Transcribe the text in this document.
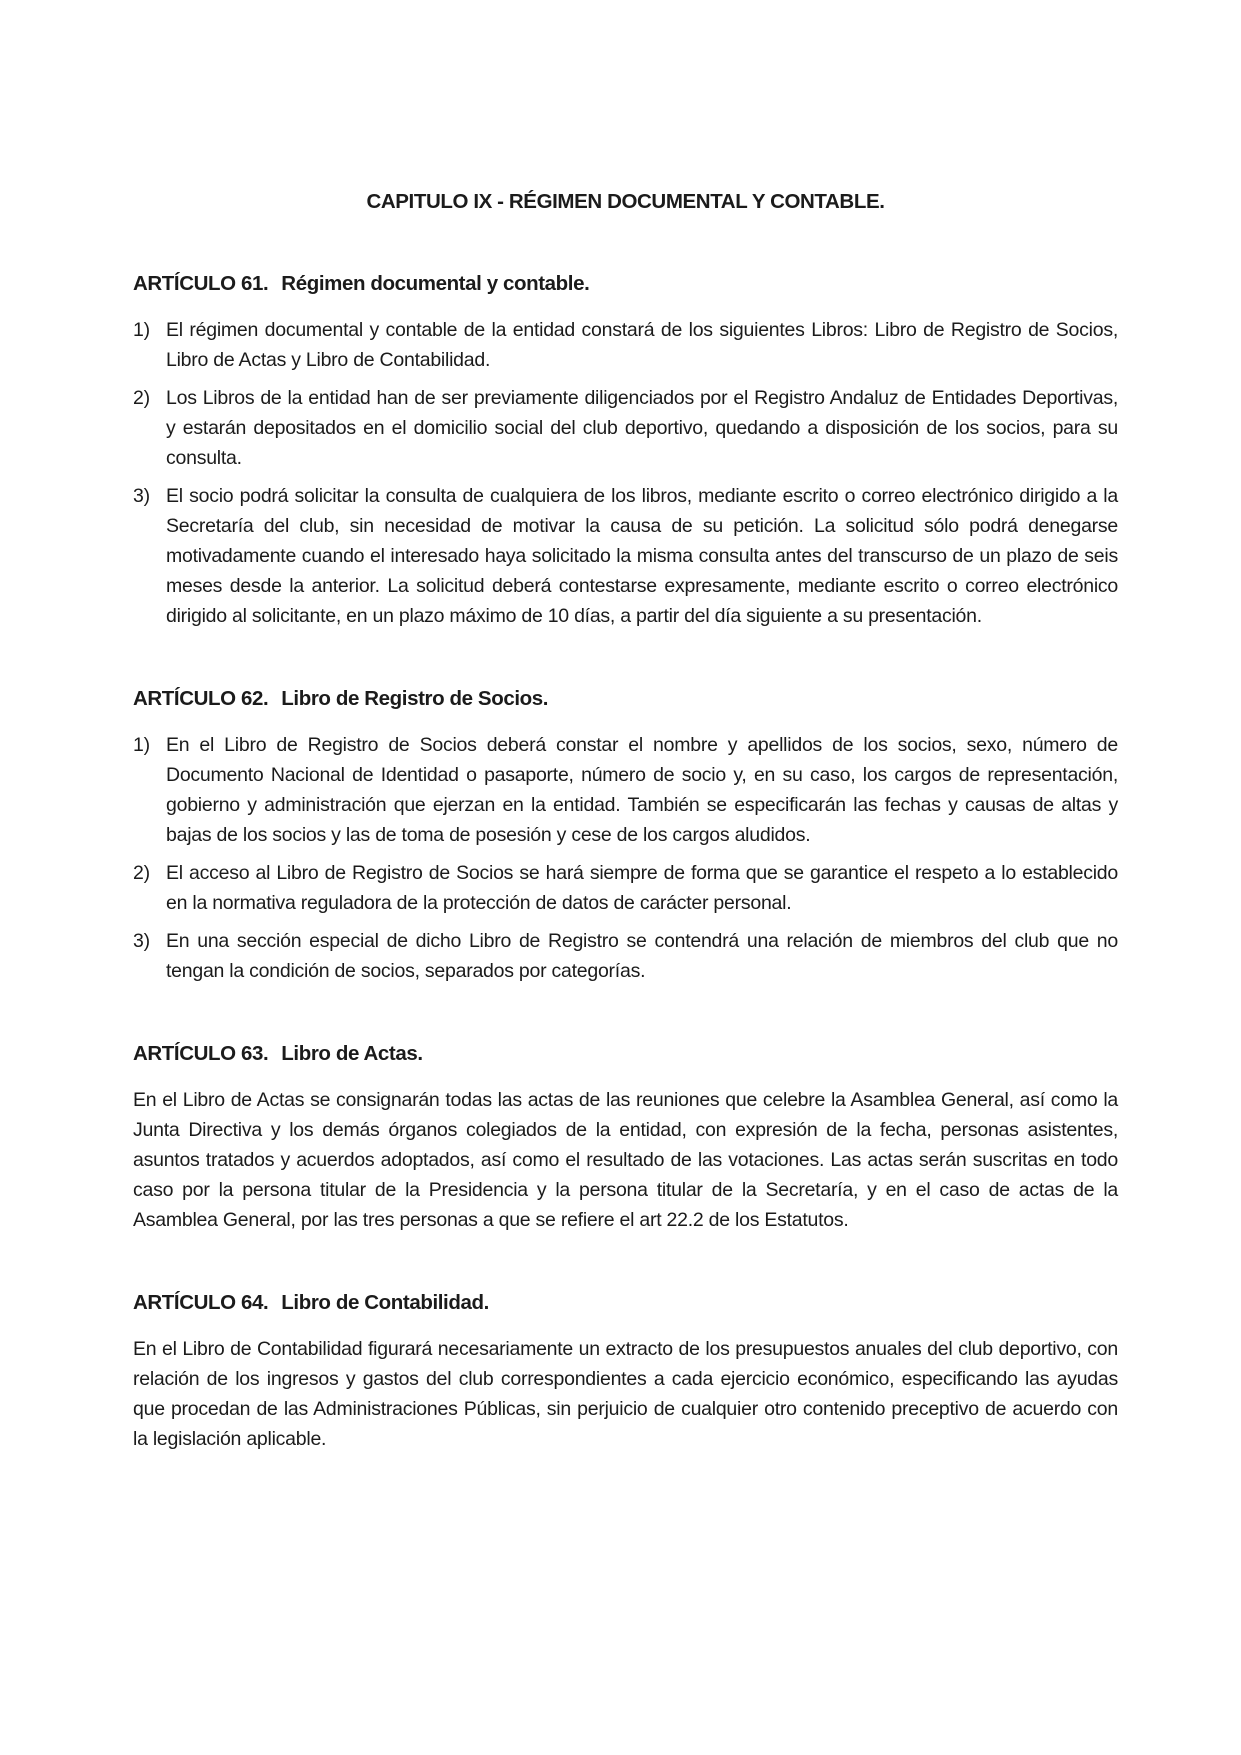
CAPITULO IX - RÉGIMEN DOCUMENTAL Y CONTABLE.
ARTÍCULO 61. Régimen documental y contable.
1) El régimen documental y contable de la entidad constará de los siguientes Libros: Libro de Registro de Socios, Libro de Actas y Libro de Contabilidad.
2) Los Libros de la entidad han de ser previamente diligenciados por el Registro Andaluz de Entidades Deportivas, y estarán depositados en el domicilio social del club deportivo, quedando a disposición de los socios, para su consulta.
3) El socio podrá solicitar la consulta de cualquiera de los libros, mediante escrito o correo electrónico dirigido a la Secretaría del club, sin necesidad de motivar la causa de su petición. La solicitud sólo podrá denegarse motivadamente cuando el interesado haya solicitado la misma consulta antes del transcurso de un plazo de seis meses desde la anterior. La solicitud deberá contestarse expresamente, mediante escrito o correo electrónico dirigido al solicitante, en un plazo máximo de 10 días, a partir del día siguiente a su presentación.
ARTÍCULO 62. Libro de Registro de Socios.
1) En el Libro de Registro de Socios deberá constar el nombre y apellidos de los socios, sexo, número de Documento Nacional de Identidad o pasaporte, número de socio y, en su caso, los cargos de representación, gobierno y administración que ejerzan en la entidad. También se especificarán las fechas y causas de altas y bajas de los socios y las de toma de posesión y cese de los cargos aludidos.
2) El acceso al Libro de Registro de Socios se hará siempre de forma que se garantice el respeto a lo establecido en la normativa reguladora de la protección de datos de carácter personal.
3) En una sección especial de dicho Libro de Registro se contendrá una relación de miembros del club que no tengan la condición de socios, separados por categorías.
ARTÍCULO 63. Libro de Actas.

En el Libro de Actas se consignarán todas las actas de las reuniones que celebre la Asamblea General, así como la Junta Directiva y los demás órganos colegiados de la entidad, con expresión de la fecha, personas asistentes, asuntos tratados y acuerdos adoptados, así como el resultado de las votaciones. Las actas serán suscritas en todo caso por la persona titular de la Presidencia y la persona titular de la Secretaría, y en el caso de actas de la Asamblea General, por las tres personas a que se refiere el art 22.2 de los Estatutos.

ARTÍCULO 64. Libro de Contabilidad.

En el Libro de Contabilidad figurará necesariamente un extracto de los presupuestos anuales del club deportivo, con relación de los ingresos y gastos del club correspondientes a cada ejercicio económico, especificando las ayudas que procedan de las Administraciones Públicas, sin perjuicio de cualquier otro contenido preceptivo de acuerdo con la legislación aplicable.
